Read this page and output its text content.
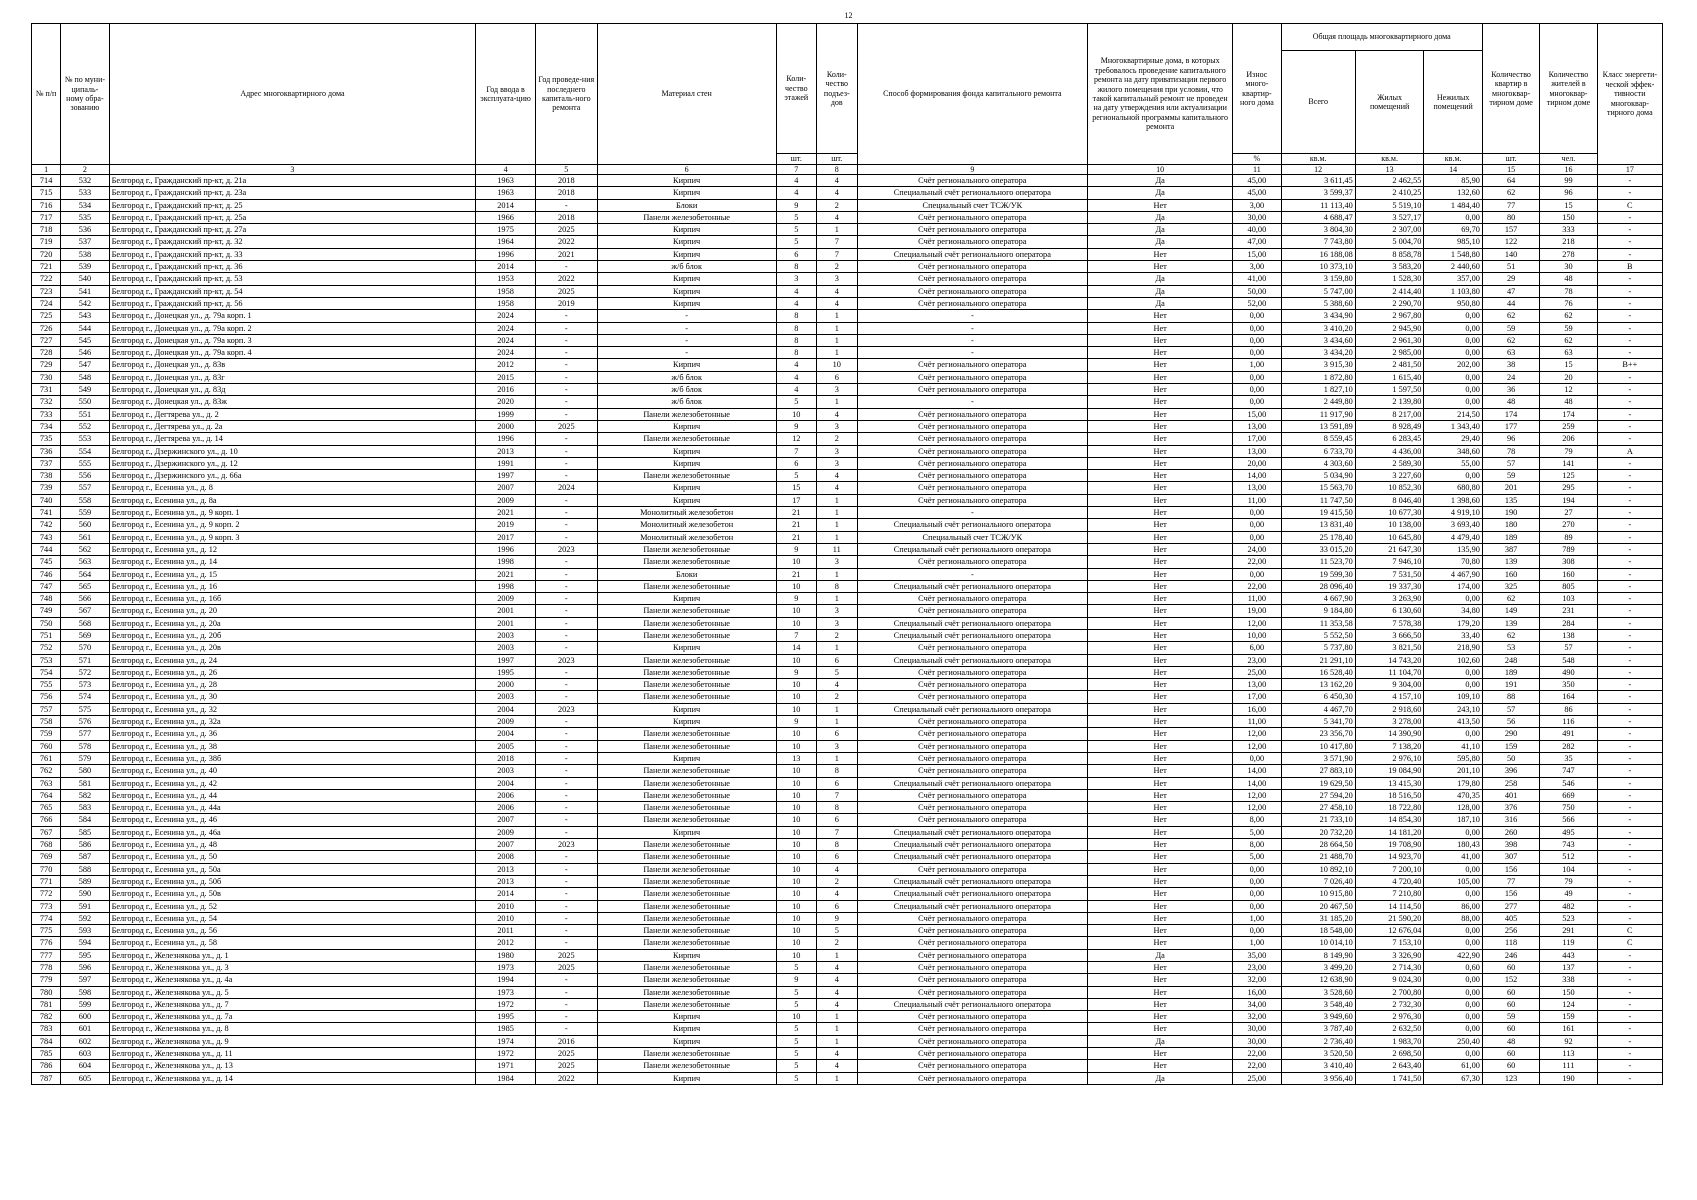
12
№ п/п	№ по муни-ципаль-ному обра-зованию	Адрес многоквартирного дома	Год ввода в эксплуата-цию	Год проведе-ния последнего капиталь-ного ремонта	Материал стен	Коли-чество этажей	Коли-чество подъез-дов	Способ формирования фонда капитального ремонта	Многоквартирные дома, в которых требовалось проведение капитального ремонта на дату приватизации первого жилого помещения при условии, что такой капитальный ремонт не проведен на дату утверждения или актуализации региональной программы капитального ремонта	Износ много-квартир-ного дома	Общая площадь многоквартирного дома			Количество квартир в многоквар-тирном доме	Количество жителей в многоквар-тирном доме	Класс энергети-ческой эффек-тивности многоквар-тирного дома
											Всего	Жилых помещений	Нежилых помещений			
						шт.	шт.			%	кв.м.	кв.м.	кв.м.	шт.	чел.	
1	2	3	4	5	6	7	8	9	10	11	12	13	14	15	16	17
714	532	Белгород г., Гражданский пр-кт, д. 21а	1963	2018	Кирпич	4	4	Счёт регионального оператора	Да	45,00	3 611,45	2 462,55	85,90	64	99	-
715	533	Белгород г., Гражданский пр-кт, д. 23а	1963	2018	Кирпич	4	4	Специальный счёт регионального оператора	Да	45,00	3 599,37	2 410,25	132,60	62	96	-
716	534	Белгород г., Гражданский пр-кт, д. 25	2014	-	Блоки	9	2	Специальный счет ТСЖ/УК	Нет	3,00	11 113,40	5 519,10	1 484,40	77	15	С
717	535	Белгород г., Гражданский пр-кт, д. 25а	1966	2018	Панели железобетонные	5	4	Счёт регионального оператора	Да	30,00	4 688,47	3 527,17	0,00	80	150	-
718	536	Белгород г., Гражданский пр-кт, д. 27а	1975	2025	Кирпич	5	1	Счёт регионального оператора	Да	40,00	3 804,30	2 307,00	69,70	157	333	-
719	537	Белгород г., Гражданский пр-кт, д. 32	1964	2022	Кирпич	5	7	Счёт регионального оператора	Да	47,00	7 743,80	5 004,70	985,10	122	218	-
720	538	Белгород г., Гражданский пр-кт, д. 33	1996	2021	Кирпич	6	7	Специальный счёт регионального оператора	Нет	15,00	16 188,08	8 858,78	1 548,80	140	278	-
721	539	Белгород г., Гражданский пр-кт, д. 36	2014	-	ж/б блок	8	2	Счёт регионального оператора	Нет	3,00	10 373,10	3 583,20	2 440,60	51	30	В
722	540	Белгород г., Гражданский пр-кт, д. 53	1953	2022	Кирпич	3	3	Счёт регионального оператора	Да	41,00	3 159,80	1 528,30	357,00	29	48	-
723	541	Белгород г., Гражданский пр-кт, д. 54	1958	2025	Кирпич	4	4	Счёт регионального оператора	Да	50,00	5 747,00	2 414,40	1 103,80	47	78	-
724	542	Белгород г., Гражданский пр-кт, д. 56	1958	2019	Кирпич	4	4	Счёт регионального оператора	Да	52,00	5 388,60	2 290,70	950,80	44	76	-
725	543	Белгород г., Донецкая ул., д. 79а корп. 1	2024	-	-	8	1	-	Нет	0,00	3 434,90	2 967,80	0,00	62	62	-
726	544	Белгород г., Донецкая ул., д. 79а корп. 2	2024	-	-	8	1	-	Нет	0,00	3 410,20	2 945,90	0,00	59	59	-
727	545	Белгород г., Донецкая ул., д. 79а корп. 3	2024	-	-	8	1	-	Нет	0,00	3 434,60	2 961,30	0,00	62	62	-
728	546	Белгород г., Донецкая ул., д. 79а корп. 4	2024	-	-	8	1	-	Нет	0,00	3 434,20	2 985,00	0,00	63	63	-
729	547	Белгород г., Донецкая ул., д. 83в	2012	-	Кирпич	4	10	Счёт регионального оператора	Нет	1,00	3 915,30	2 481,50	202,00	38	15	В++
730	548	Белгород г., Донецкая ул., д. 83г	2015	-	ж/б блок	4	6	Счёт регионального оператора	Нет	0,00	1 872,80	1 615,40	0,00	24	20	-
731	549	Белгород г., Донецкая ул., д. 83д	2016	-	ж/б блок	4	3	Счёт регионального оператора	Нет	0,00	1 827,10	1 597,50	0,00	36	12	-
732	550	Белгород г., Донецкая ул., д. 83ж	2020	-	ж/б блок	5	1	-	Нет	0,00	2 449,80	2 139,80	0,00	48	48	-
733	551	Белгород г., Дегтярева ул., д. 2	1999	-	Панели железобетонные	10	4	Счёт регионального оператора	Нет	15,00	11 917,90	8 217,00	214,50	174	174	-
734	552	Белгород г., Дегтярева ул., д. 2а	2000	2025	Кирпич	9	3	Счёт регионального оператора	Нет	13,00	13 591,89	8 928,49	1 343,40	177	259	-
735	553	Белгород г., Дегтярева ул., д. 14	1996	-	Панели железобетонные	12	2	Счёт регионального оператора	Нет	17,00	8 559,45	6 283,45	29,40	96	206	-
736	554	Белгород г., Дзержинского ул., д. 10	2013	-	Кирпич	7	3	Счёт регионального оператора	Нет	13,00	6 733,70	4 436,00	348,60	78	79	А
737	555	Белгород г., Дзержинского ул., д. 12	1991	-	Кирпич	6	3	Счёт регионального оператора	Нет	20,00	4 303,60	2 589,30	55,00	57	141	-
738	556	Белгород г., Дзержинского ул., д. 66а	1997	-	Панели железобетонные	5	4	Счёт регионального оператора	Нет	14,00	5 034,90	3 227,60	0,00	59	125	-
739	557	Белгород г., Есенина ул., д. 8	2007	2024	Кирпич	15	4	Счёт регионального оператора	Нет	13,00	15 563,70	10 852,30	680,80	201	295	-
740	558	Белгород г., Есенина ул., д. 8а	2009	-	Кирпич	17	1	Счёт регионального оператора	Нет	11,00	11 747,50	8 046,40	1 398,60	135	194	-
741	559	Белгород г., Есенина ул., д. 9 корп. 1	2021	-	Монолитный железобетон	21	1	-	Нет	0,00	19 415,50	10 677,30	4 919,10	190	27	-
742	560	Белгород г., Есенина ул., д. 9 корп. 2	2019	-	Монолитный железобетон	21	1	Специальный счёт регионального оператора	Нет	0,00	13 831,40	10 138,00	3 693,40	180	270	-
743	561	Белгород г., Есенина ул., д. 9 корп. 3	2017	-	Монолитный железобетон	21	1	Специальный счет ТСЖ/УК	Нет	0,00	25 178,40	10 645,80	4 479,40	189	89	-
744	562	Белгород г., Есенина ул., д. 12	1996	2023	Панели железобетонные	9	11	Специальный счёт регионального оператора	Нет	24,00	33 015,20	21 647,30	135,90	387	789	-
745	563	Белгород г., Есенина ул., д. 14	1998	-	Панели железобетонные	10	3	Счёт регионального оператора	Нет	22,00	11 523,70	7 946,10	70,80	139	308	-
746	564	Белгород г., Есенина ул., д. 15	2021	-	Блоки	21	1	-	Нет	0,00	19 599,30	7 531,50	4 467,90	160	160	-
747	565	Белгород г., Есенина ул., д. 16	1998	-	Панели железобетонные	10	8	Специальный счёт регионального оператора	Нет	22,00	28 096,40	19 337,30	174,00	325	805	-
748	566	Белгород г., Есенина ул., д. 16б	2009	-	Кирпич	9	1	Счёт регионального оператора	Нет	11,00	4 667,90	3 263,90	0,00	62	103	-
749	567	Белгород г., Есенина ул., д. 20	2001	-	Панели железобетонные	10	3	Счёт регионального оператора	Нет	19,00	9 184,80	6 130,60	34,80	149	231	-
750	568	Белгород г., Есенина ул., д. 20а	2001	-	Панели железобетонные	10	3	Специальный счёт регионального оператора	Нет	12,00	11 353,58	7 578,38	179,20	139	284	-
751	569	Белгород г., Есенина ул., д. 20б	2003	-	Панели железобетонные	7	2	Специальный счёт регионального оператора	Нет	10,00	5 552,50	3 666,50	33,40	62	138	-
752	570	Белгород г., Есенина ул., д. 20в	2003	-	Кирпич	14	1	Счёт регионального оператора	Нет	6,00	5 737,80	3 821,50	218,90	53	57	-
753	571	Белгород г., Есенина ул., д. 24	1997	2023	Панели железобетонные	10	6	Специальный счёт регионального оператора	Нет	23,00	21 291,10	14 743,20	102,60	248	548	-
754	572	Белгород г., Есенина ул., д. 26	1995	-	Панели железобетонные	9	5	Счёт регионального оператора	Нет	25,00	16 528,40	11 104,70	0,00	189	490	-
755	573	Белгород г., Есенина ул., д. 28	2000	-	Панели железобетонные	10	4	Счёт регионального оператора	Нет	13,00	13 162,20	9 304,00	0,00	191	350	-
756	574	Белгород г., Есенина ул., д. 30	2003	-	Панели железобетонные	10	2	Счёт регионального оператора	Нет	17,00	6 450,30	4 157,10	109,10	88	164	-
757	575	Белгород г., Есенина ул., д. 32	2004	2023	Кирпич	10	1	Специальный счёт регионального оператора	Нет	16,00	4 467,70	2 918,60	243,10	57	86	-
758	576	Белгород г., Есенина ул., д. 32а	2009	-	Кирпич	9	1	Счёт регионального оператора	Нет	11,00	5 341,70	3 278,00	413,50	56	116	-
759	577	Белгород г., Есенина ул., д. 36	2004	-	Панели железобетонные	10	6	Счёт регионального оператора	Нет	12,00	23 356,70	14 390,90	0,00	290	491	-
760	578	Белгород г., Есенина ул., д. 38	2005	-	Панели железобетонные	10	3	Счёт регионального оператора	Нет	12,00	10 417,80	7 138,20	41,10	159	282	-
761	579	Белгород г., Есенина ул., д. 38б	2018	-	Кирпич	13	1	Счёт регионального оператора	Нет	0,00	3 571,90	2 976,10	595,80	50	35	-
762	580	Белгород г., Есенина ул., д. 40	2003	-	Панели железобетонные	10	8	Счёт регионального оператора	Нет	14,00	27 883,10	19 084,90	201,10	396	747	-
763	581	Белгород г., Есенина ул., д. 42	2004	-	Панели железобетонные	10	6	Специальный счёт регионального оператора	Нет	14,00	19 629,50	13 415,30	179,80	258	546	-
764	582	Белгород г., Есенина ул., д. 44	2006	-	Панели железобетонные	10	7	Счёт регионального оператора	Нет	12,00	27 594,20	18 516,50	470,35	401	669	-
765	583	Белгород г., Есенина ул., д. 44а	2006	-	Панели железобетонные	10	8	Счёт регионального оператора	Нет	12,00	27 458,10	18 722,80	128,00	376	750	-
766	584	Белгород г., Есенина ул., д. 46	2007	-	Панели железобетонные	10	6	Счёт регионального оператора	Нет	8,00	21 733,10	14 854,30	187,10	316	566	-
767	585	Белгород г., Есенина ул., д. 46а	2009	-	Кирпич	10	7	Специальный счёт регионального оператора	Нет	5,00	20 732,20	14 181,20	0,00	260	495	-
768	586	Белгород г., Есенина ул., д. 48	2007	2023	Панели железобетонные	10	8	Специальный счёт регионального оператора	Нет	8,00	28 664,50	19 708,90	180,43	398	743	-
769	587	Белгород г., Есенина ул., д. 50	2008	-	Панели железобетонные	10	6	Специальный счёт регионального оператора	Нет	5,00	21 488,70	14 923,70	41,00	307	512	-
770	588	Белгород г., Есенина ул., д. 50а	2013	-	Панели железобетонные	10	4	Счёт регионального оператора	Нет	0,00	10 892,10	7 200,10	0,00	156	104	-
771	589	Белгород г., Есенина ул., д. 50б	2013	-	Панели железобетонные	10	2	Специальный счёт регионального оператора	Нет	0,00	7 026,40	4 720,40	105,00	77	79	-
772	590	Белгород г., Есенина ул., д. 50в	2014	-	Панели железобетонные	10	4	Специальный счёт регионального оператора	Нет	0,00	10 915,80	7 210,80	0,00	156	49	-
773	591	Белгород г., Есенина ул., д. 52	2010	-	Панели железобетонные	10	6	Специальный счёт регионального оператора	Нет	0,00	20 467,50	14 114,50	86,00	277	482	-
774	592	Белгород г., Есенина ул., д. 54	2010	-	Панели железобетонные	10	9	Счёт регионального оператора	Нет	1,00	31 185,20	21 590,20	88,00	405	523	-
775	593	Белгород г., Есенина ул., д. 56	2011	-	Панели железобетонные	10	5	Счёт регионального оператора	Нет	0,00	18 548,00	12 676,04	0,00	256	291	С
776	594	Белгород г., Есенина ул., д. 58	2012	-	Панели железобетонные	10	2	Счёт регионального оператора	Нет	1,00	10 014,10	7 153,10	0,00	118	119	С
777	595	Белгород г., Железнякова ул., д. 1	1980	2025	Кирпич	10	1	Счёт регионального оператора	Да	35,00	8 149,90	3 326,90	422,90	246	443	-
778	596	Белгород г., Железнякова ул., д. 3	1973	2025	Панели железобетонные	5	4	Счёт регионального оператора	Нет	23,00	3 499,20	2 714,30	0,60	60	137	-
779	597	Белгород г., Железнякова ул., д. 4а	1994	-	Панели железобетонные	9	4	Счёт регионального оператора	Нет	32,00	12 638,90	9 024,30	0,00	152	338	-
780	598	Белгород г., Железнякова ул., д. 5	1973	-	Панели железобетонные	5	4	Счёт регионального оператора	Нет	16,00	3 528,60	2 700,80	0,00	60	150	-
781	599	Белгород г., Железнякова ул., д. 7	1972	-	Панели железобетонные	5	4	Специальный счёт регионального оператора	Нет	34,00	3 548,40	2 732,30	0,00	60	124	-
782	600	Белгород г., Железнякова ул., д. 7а	1995	-	Кирпич	10	1	Счёт регионального оператора	Нет	32,00	3 949,60	2 976,30	0,00	59	159	-
783	601	Белгород г., Железнякова ул., д. 8	1985	-	Кирпич	5	1	Счёт регионального оператора	Нет	30,00	3 787,40	2 632,50	0,00	60	161	-
784	602	Белгород г., Железнякова ул., д. 9	1974	2016	Кирпич	5	1	Счёт регионального оператора	Да	30,00	2 736,40	1 983,70	250,40	48	92	-
785	603	Белгород г., Железнякова ул., д. 11	1972	2025	Панели железобетонные	5	4	Счёт регионального оператора	Нет	22,00	3 520,50	2 698,50	0,00	60	113	-
786	604	Белгород г., Железнякова ул., д. 13	1971	2025	Панели железобетонные	5	4	Счёт регионального оператора	Нет	22,00	3 410,40	2 643,40	61,00	60	111	-
787	605	Белгород г., Железнякова ул., д. 14	1984	2022	Кирпич	5	1	Счёт регионального оператора	Да	25,00	3 956,40	1 741,50	67,30	123	190	-
